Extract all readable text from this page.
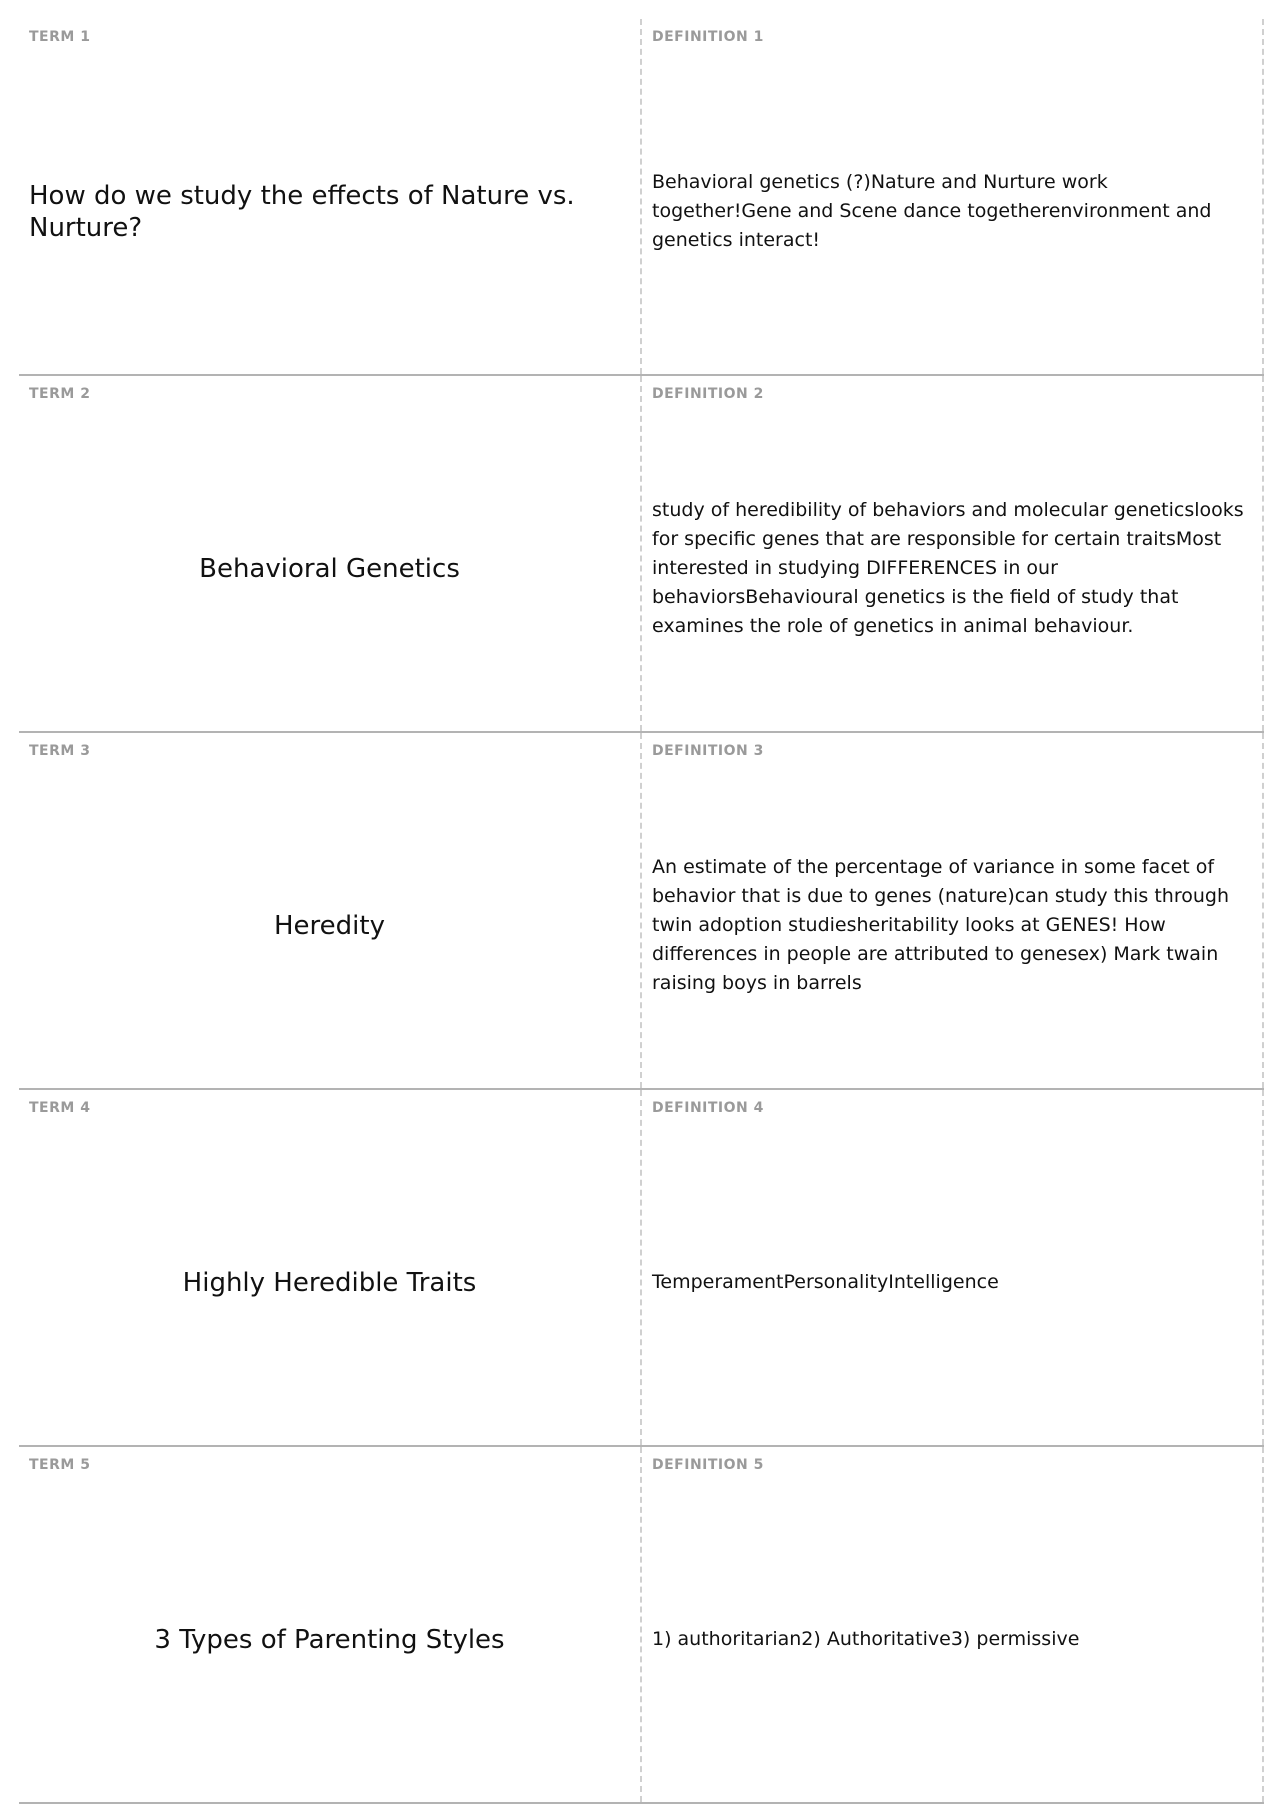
TERM 1
How do we study the effects of Nature vs. Nurture?
DEFINITION 1
Behavioral genetics (?)Nature and Nurture work together!Gene and Scene dance togetherenvironment and genetics interact!
TERM 2
Behavioral Genetics
DEFINITION 2
study of heredibility of behaviors and molecular geneticslooks for specific genes that are responsible for certain traitsMost interested in studying DIFFERENCES in our behaviorsBehavioural genetics is the field of study that examines the role of genetics in animal behaviour.
TERM 3
Heredity
DEFINITION 3
An estimate of the percentage of variance in some facet of behavior that is due to genes (nature)can study this through twin adoption studiesheritability looks at GENES! How differences in people are attributed to genesex) Mark twain raising boys in barrels
TERM 4
Highly Heredible Traits
DEFINITION 4
TemperamentPersonalityIntelligence
TERM 5
3 Types of Parenting Styles
DEFINITION 5
1) authoritarian2) Authoritative3) permissive
